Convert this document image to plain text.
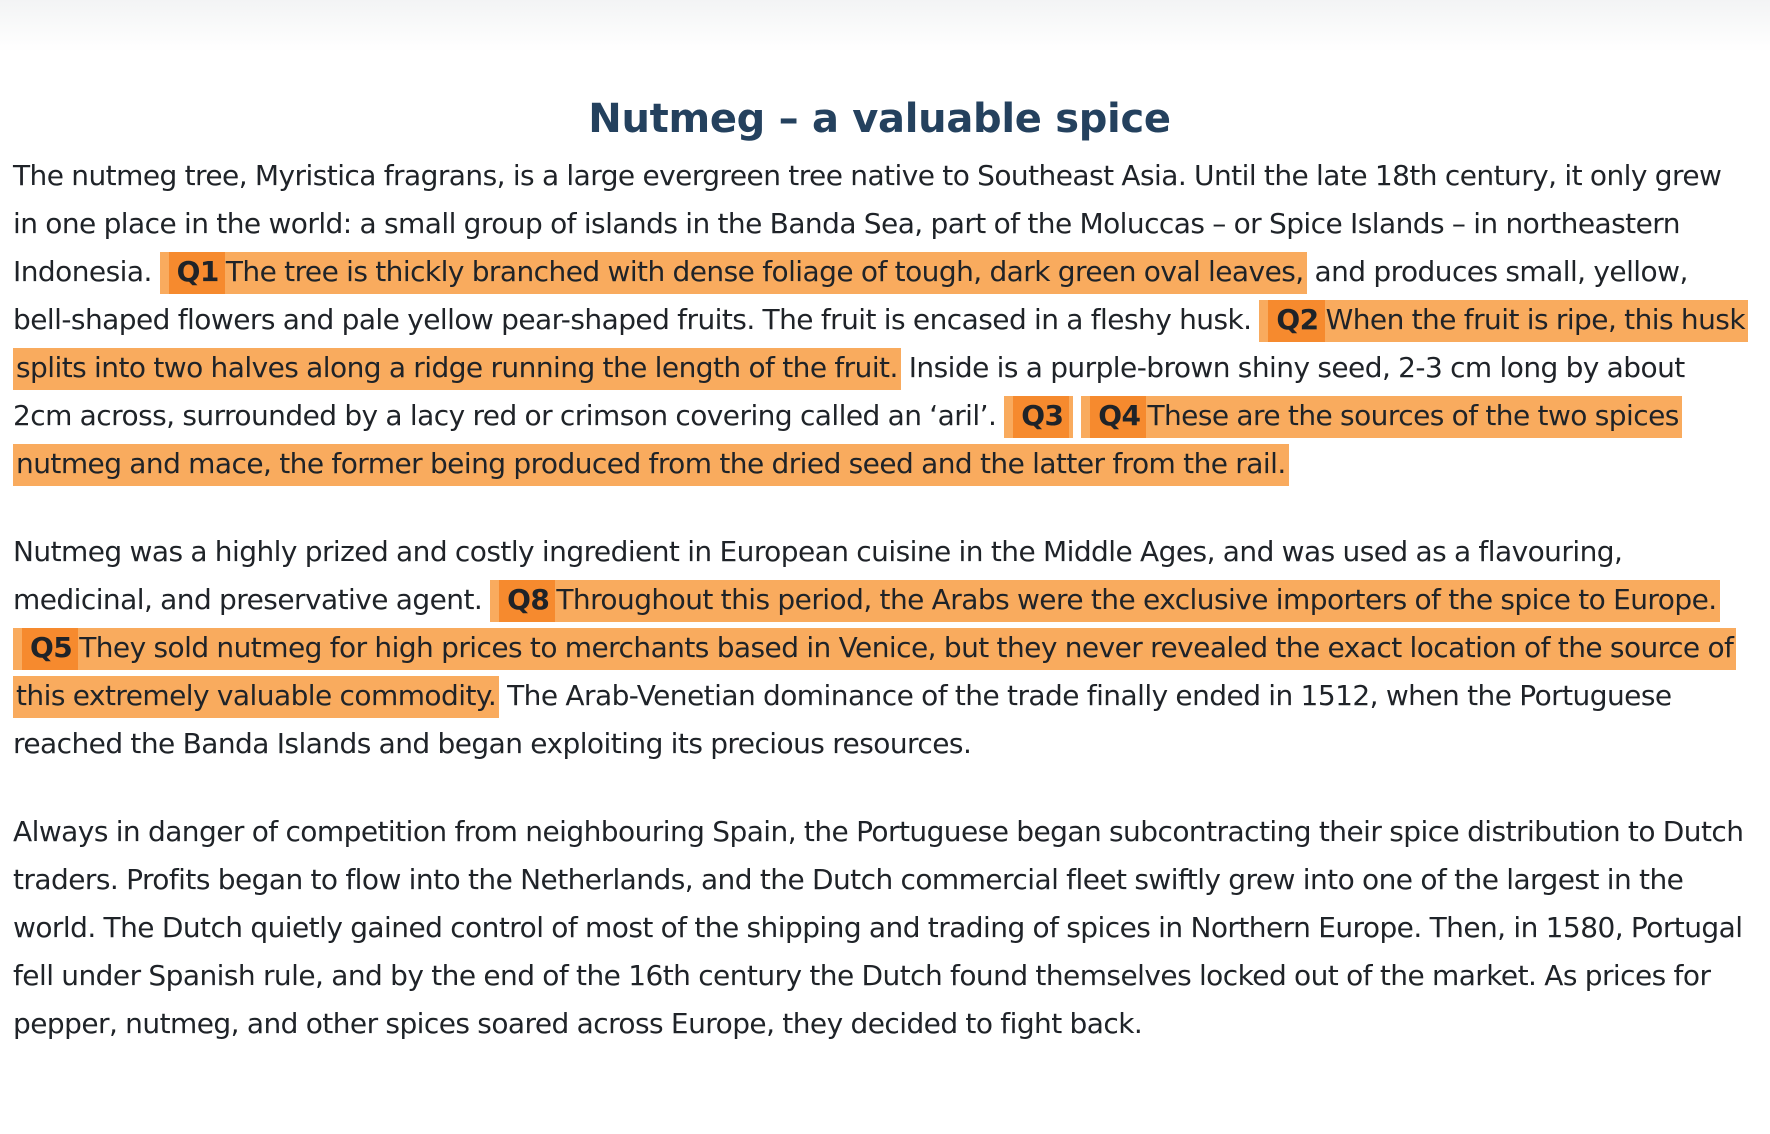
Nutmeg – a valuable spice

The nutmeg tree, Myristica fragrans, is a large evergreen tree native to Southeast Asia. Until the late 18th century, it only grew in one place in the world: a small group of islands in the Banda Sea, part of the Moluccas – or Spice Islands – in northeastern Indonesia. Q1 The tree is thickly branched with dense foliage of tough, dark green oval leaves, and produces small, yellow, bell-shaped flowers and pale yellow pear-shaped fruits. The fruit is encased in a fleshy husk. Q2 When the fruit is ripe, this husk splits into two halves along a ridge running the length of the fruit. Inside is a purple-brown shiny seed, 2-3 cm long by about 2cm across, surrounded by a lacy red or crimson covering called an ‘aril’. Q3 Q4 These are the sources of the two spices nutmeg and mace, the former being produced from the dried seed and the latter from the rail.

Nutmeg was a highly prized and costly ingredient in European cuisine in the Middle Ages, and was used as a flavouring, medicinal, and preservative agent. Q8 Throughout this period, the Arabs were the exclusive importers of the spice to Europe. Q5 They sold nutmeg for high prices to merchants based in Venice, but they never revealed the exact location of the source of this extremely valuable commodity. The Arab-Venetian dominance of the trade finally ended in 1512, when the Portuguese reached the Banda Islands and began exploiting its precious resources.

Always in danger of competition from neighbouring Spain, the Portuguese began subcontracting their spice distribution to Dutch traders. Profits began to flow into the Netherlands, and the Dutch commercial fleet swiftly grew into one of the largest in the world. The Dutch quietly gained control of most of the shipping and trading of spices in Northern Europe. Then, in 1580, Portugal fell under Spanish rule, and by the end of the 16th century the Dutch found themselves locked out of the market. As prices for pepper, nutmeg, and other spices soared across Europe, they decided to fight back.
